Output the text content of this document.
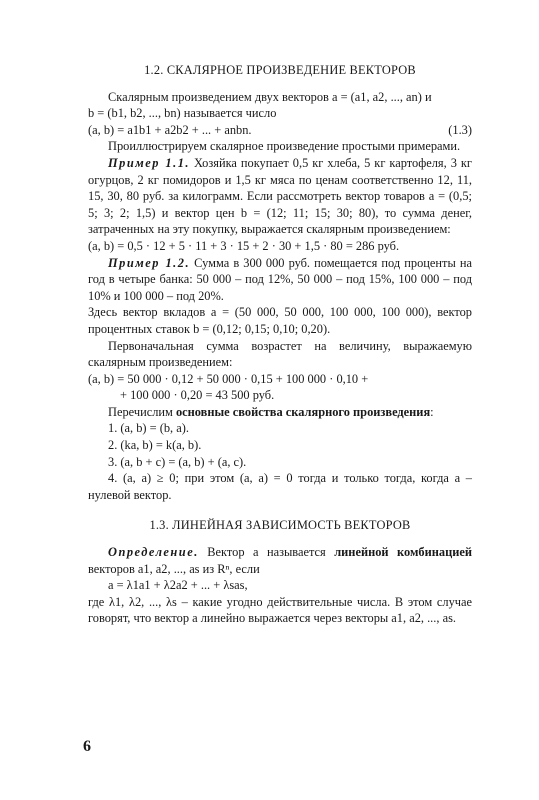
1.2. СКАЛЯРНОЕ ПРОИЗВЕДЕНИЕ ВЕКТОРОВ

Скалярным произведением двух векторов a = (a1, a2, ..., an) и

b = (b1, b2, ..., bn) называется число

(a, b) = a1b1 + a2b2 + ... + anbn.	(1.3)

Проиллюстрируем скалярное произведение простыми примерами.

Пример 1.1. Хозяйка покупает 0,5 кг хлеба, 5 кг картофеля, 3 кг огурцов, 2 кг помидоров и 1,5 кг мяса по ценам соответственно 12, 11, 15, 30, 80 руб. за килограмм. Если рассмотреть вектор товаров a = (0,5; 5; 3; 2; 1,5) и вектор цен b = (12; 11; 15; 30; 80), то сумма денег, затраченных на эту покупку, выражается скалярным произведением:

(a, b) = 0,5 · 12 + 5 · 11 + 3 · 15 + 2 · 30 + 1,5 · 80 = 286 руб.

Пример 1.2. Сумма в 300 000 руб. помещается под проценты на год в четыре банка: 50 000 – под 12%, 50 000 – под 15%, 100 000 – под 10% и 100 000 – под 20%.

Здесь вектор вкладов a = (50 000, 50 000, 100 000, 100 000), вектор процентных ставок b = (0,12; 0,15; 0,10; 0,20).

Первоначальная сумма возрастет на величину, выражаемую скалярным произведением:

(a, b) = 50 000 · 0,12 + 50 000 · 0,15 + 100 000 · 0,10 +

+ 100 000 · 0,20 = 43 500 руб.

Перечислим основные свойства скалярного произведения:

1. (a, b) = (b, a).

2. (ka, b) = k(a, b).

3. (a, b + c) = (a, b) + (a, c).

4. (a, a) ≥ 0; при этом (a, a) = 0 тогда и только тогда, когда a – нулевой вектор.

1.3. ЛИНЕЙНАЯ ЗАВИСИМОСТЬ ВЕКТОРОВ

Определение. Вектор a называется линейной комбинацией векторов a1, a2, ..., as из Rⁿ, если

a = λ1a1 + λ2a2 + ... + λsas,

где λ1, λ2, ..., λs – какие угодно действительные числа. В этом случае говорят, что вектор a линейно выражается через векторы a1, a2, ..., as.

6
